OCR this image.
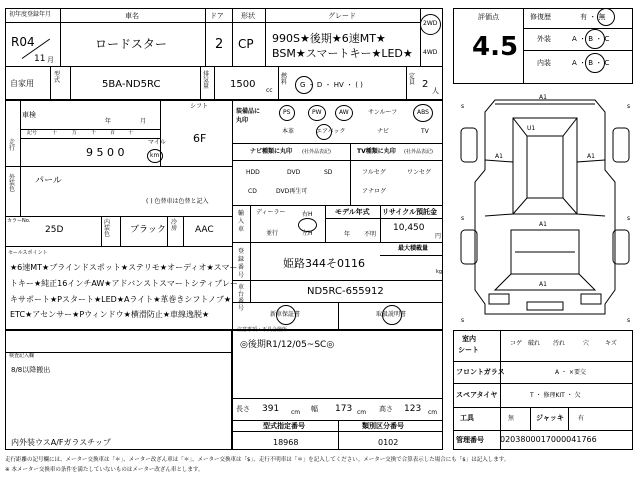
初年度登録年月
R04
11 月
車名
ロードスター
ドア
2
形状
CP
グレード
990S★後期★6速MT★
BSM★スマートキー★LED★
2WD
4WD
評価点
4.5
修復歴	有 ・ 無
外装	A ・ B ・ C
内装	A ・ B ・ C
自家用
型式	5BA-ND5RC
排気量 1500
cc
燃料 G ・ D ・ HV ・ ( )
定員 2
人
車検
年	月
記号	十	万	千	百	十
走行	9 5 0 0
マイル
km
シフト
6F
外装色
パール
( ) 色替車は色替と記入
カラーNo.
25D
内装色 ブラック
冷房 AAC
セールスポイント
★6速MT★ブラインドスポット★ステリモ★オーディオ★スマー
トキー★純正16インチAW★アドバンストスマートシティブレー
キサポート★Pスタート★LED★Aライト★革巻きシフトノブ★
ETC★アセンサー★Pウィンドウ★横滑防止★車線逸脱★
装備品に丸印
PS	PW	AW	サンルーフ	ABS
本革	エアバック	ナビ	TV
ナビ種類に丸印 (社外品表記)	TV種類に丸印 (社外品表記)
HDD	DVD	SD
CD	DVD再生可
フルセグ	ワンセグ
アナログ
輸入車
ディーラー
並行
右H
左H
モデル年式
年 不明
リサイクル預託金
10,450
円
最大積載量
kg
登録番号
姫路344そ0116
車台番号
ND5RC-655912
新車保証書	取扱説明書
注意事項・不具合箇所
◎後期R1/12/05~SC◎
検査記入欄
8/8以降搬出
内外装ウスA/Fガラスチップ
長さ 391 cm 幅 173 cm 高さ 123 cm
型式指定番号	類別区分番号
18968	0102
室内
シート
コゲ 破れ 汚れ	穴	キズ
フロントガラス	A ・ ×要交
スペアタイヤ	T ・ 修理KIT ・ 欠
工具	無	ジャッキ 有
管理番号 0203800017000041766
A1
U1
A1	A1
A1
A1
s	s
s	s
s	s
走行距離の記号欄には、メーター交換車は「＊」、メーター改ざん車は「＊」、メーター交換車は「$」、走行不明車は「＊」を記入してください。メーター交換で合算表示した場合にも「$」は記入します。
※ 本メーター交換車の条件を満たしていないものはメーター改ざん車とします。
